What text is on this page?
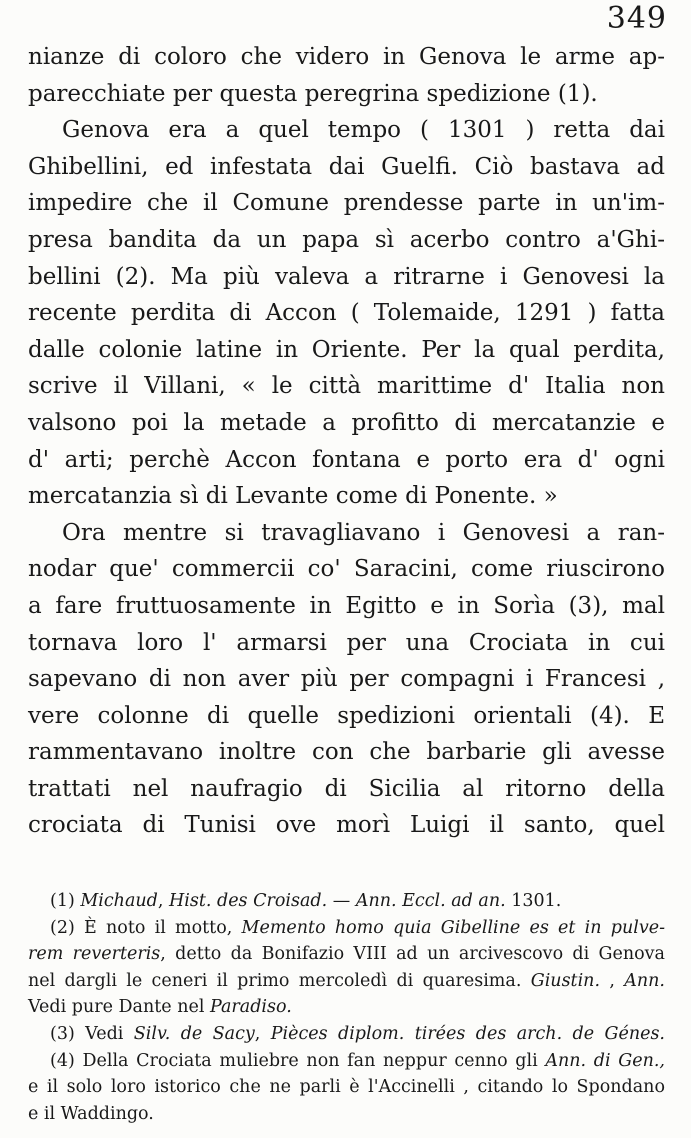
349
nianze di coloro che videro in Genova le arme ap-
parecchiate per questa peregrina spedizione (1).
Genova era a quel tempo ( 1301 ) retta dai
Ghibellini, ed infestata dai Guelfi. Ciò bastava ad
impedire che il Comune prendesse parte in un'im-
presa bandita da un papa sì acerbo contro a'Ghi-
bellini (2). Ma più valeva a ritrarne i Genovesi la
recente perdita di Accon ( Tolemaide, 1291 ) fatta
dalle colonie latine in Oriente. Per la qual perdita,
scrive il Villani, « le città marittime d' Italia non
valsono poi la metade a profitto di mercatanzie e
d' arti; perchè Accon fontana e porto era d' ogni
mercatanzia sì di Levante come di Ponente. »
Ora mentre si travagliavano i Genovesi a ran-
nodar que' commercii co' Saracini, come riuscirono
a fare fruttuosamente in Egitto e in Sorìa (3), mal
tornava loro l' armarsi per una Crociata in cui
sapevano di non aver più per compagni i Francesi ,
vere colonne di quelle spedizioni orientali (4). E
rammentavano inoltre con che barbarie gli avesse
trattati nel naufragio di Sicilia al ritorno della
crociata di Tunisi ove morì Luigi il santo, quel
(1) Michaud, Hist. des Croisad. — Ann. Eccl. ad an. 1301.
(2) È noto il motto, Memento homo quia Gibelline es et in pulve-
rem reverteris, detto da Bonifazio VIII ad un arcivescovo di Genova
nel dargli le ceneri il primo mercoledì di quaresima. Giustin. , Ann.
Vedi pure Dante nel Paradiso.
(3) Vedi Silv. de Sacy, Pièces diplom. tirées des arch. de Génes.
(4) Della Crociata muliebre non fan neppur cenno gli Ann. di Gen.,
e il solo loro istorico che ne parli è l'Accinelli , citando lo Spondano
e il Waddingo.
